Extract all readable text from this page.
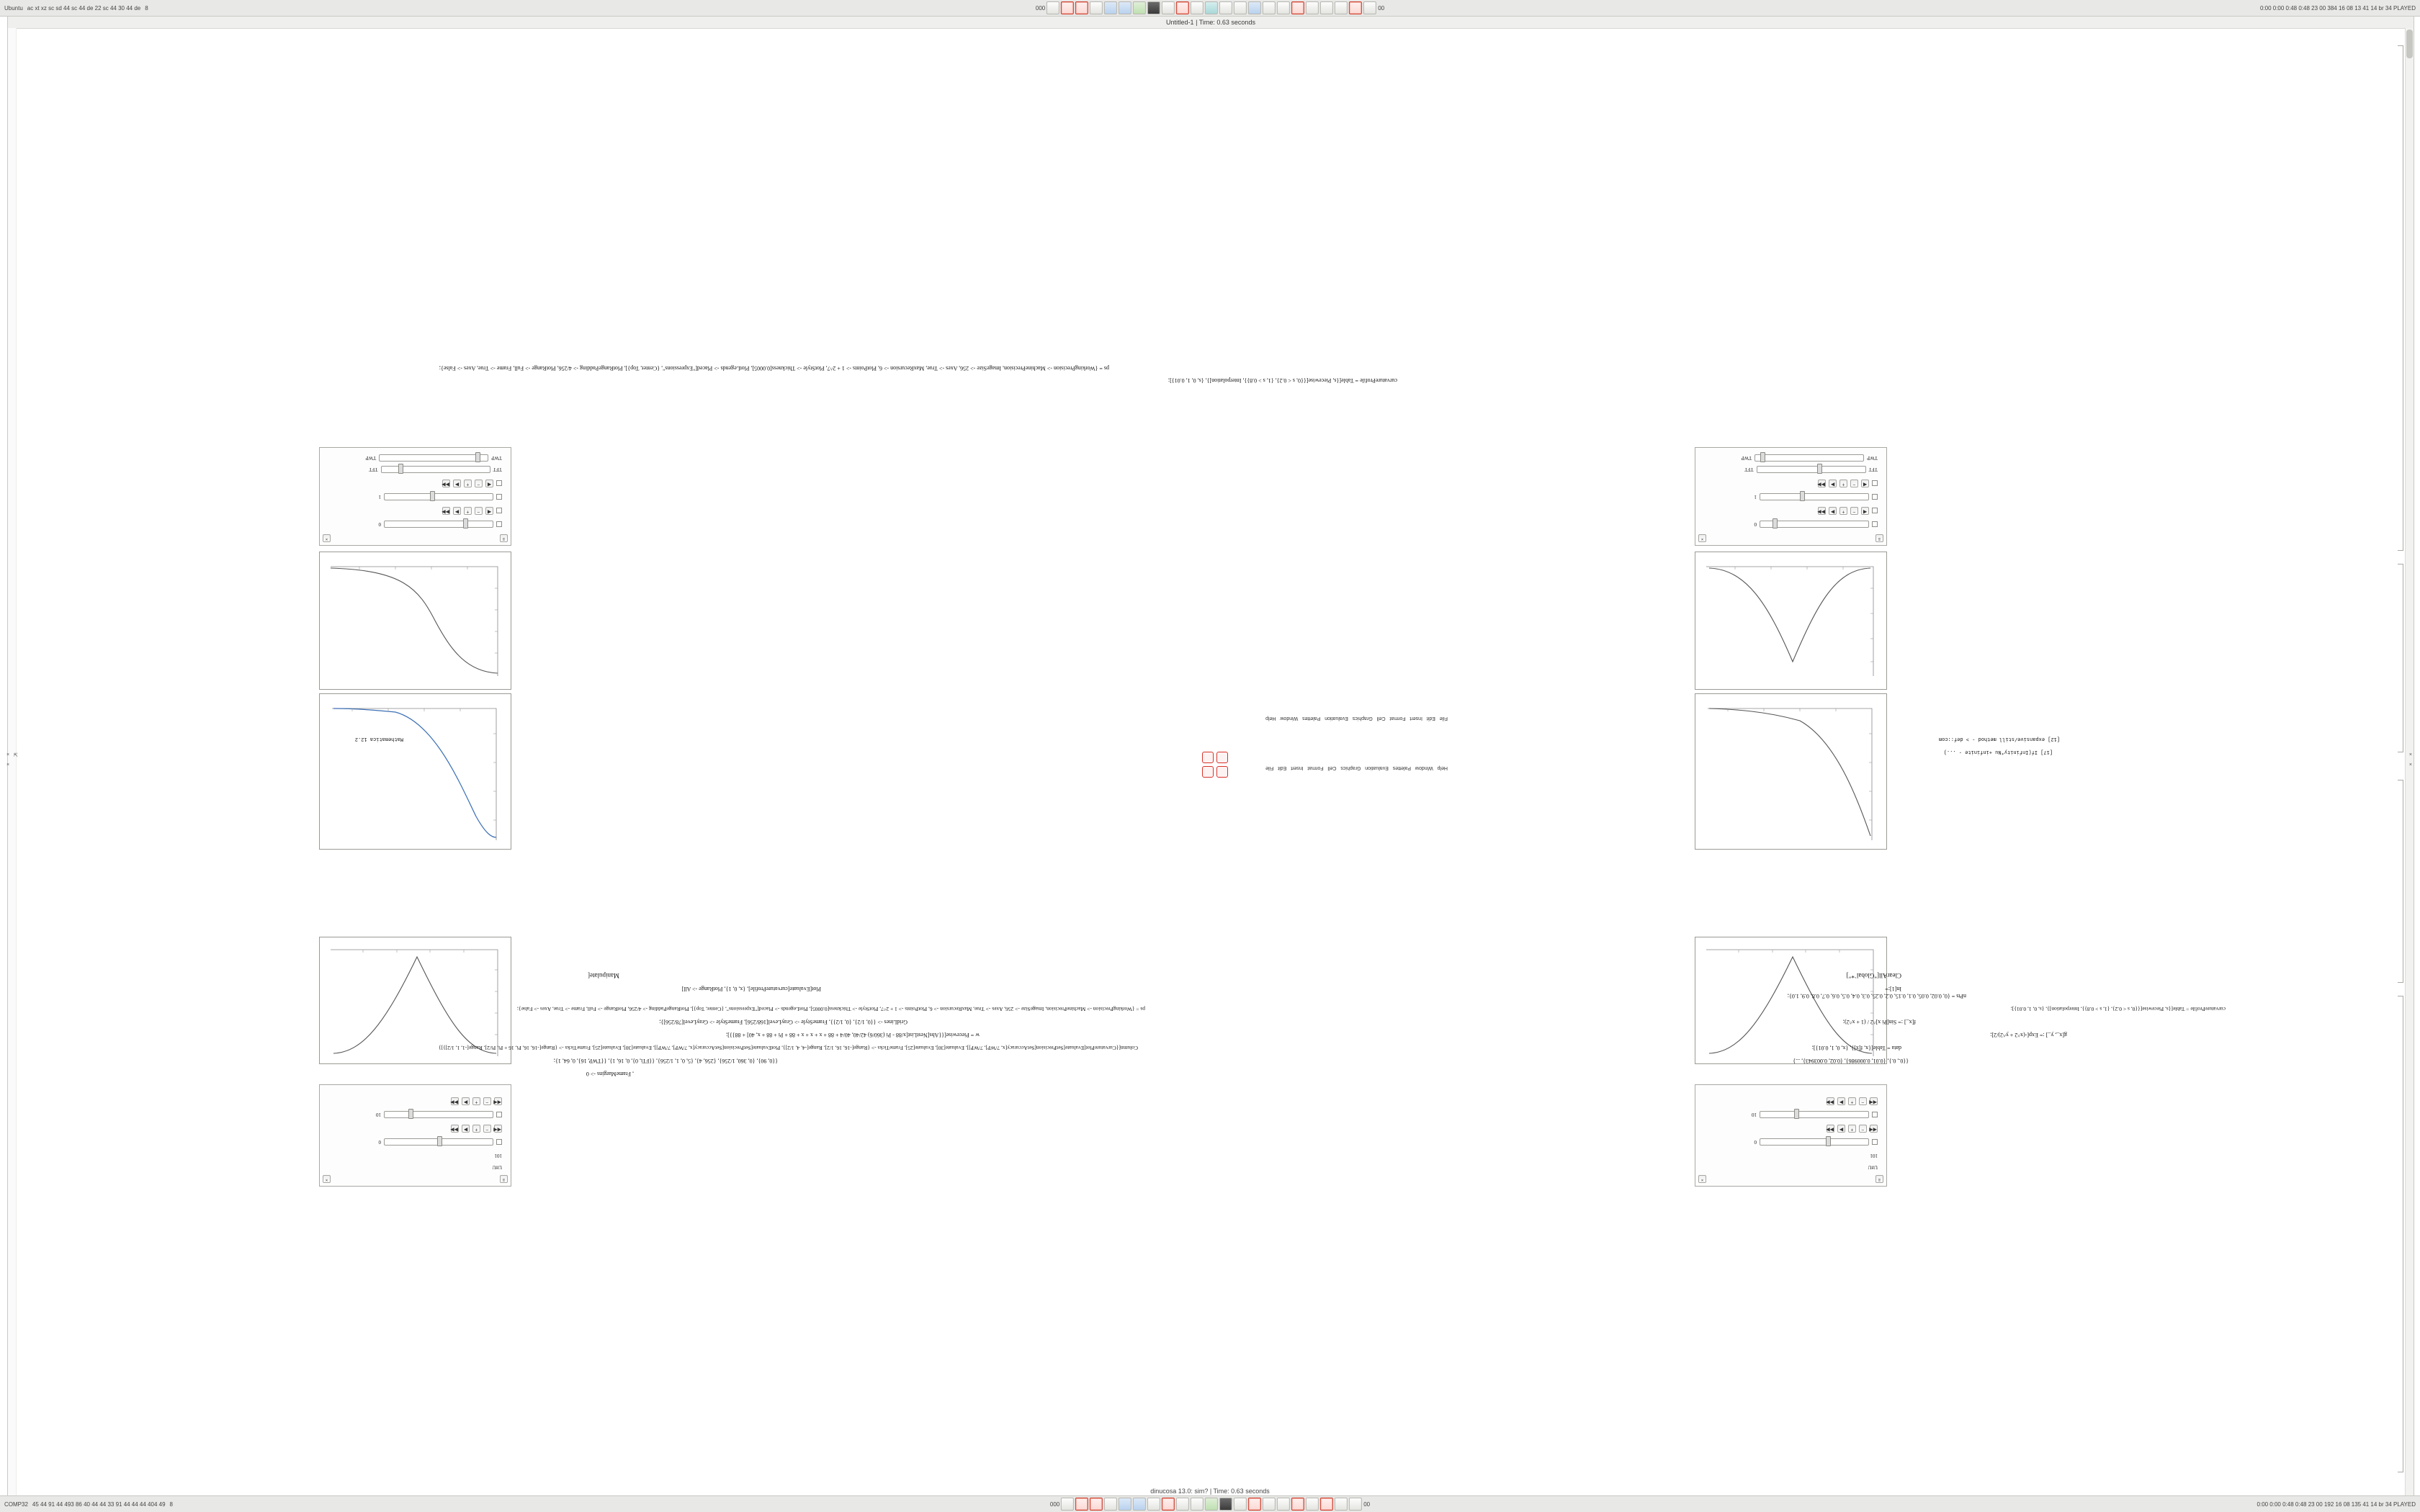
Ubuntu ac xt xz sc sd 44 sc 44 de 22 sc 44 30 44 de 8	000	00	0:00 0:00 0:48 0:48 23 00 384 16 08 13 41 14 br 34 PLAYED
Untitled-1 | Time: 0.63 seconds
≡
×
0
◀
−
+
▶
▶▶
1
◀
−
+
▶
▶▶
TFT
TFT
TWP
TWP
≡
×
0
◀
−
+
▶
▶▶
1
◀
−
+
▶
▶▶
TFT
TFT
TWP
TWP
≡
×
U#U
101
0
◀◀
−
+
▶
▶▶
10
◀◀
−
+
▶
▶▶
≡
×
U#U
101
0
◀◀
−
+
▶
▶▶
10
◀◀
−
+
▶
▶▶
ClearAll["Global`*"]
In[1]:=
nPts = {0, 0.02, 0.05, 0.1, 0.15, 0.2, 0.25, 0.3, 0.4, 0.5, 0.6, 0.7, 0.8, 0.9, 1.0};
curvatureProfile = Table[{s, Piecewise[{{0, s < 0.2}, {1, s > 0.8}}, Interpolation]}, {s, 0, 1, 0.01}];
f[x_] := Sin[Pi x]^2 / (1 + x^2);
g[x_, y_] := Exp[-(x^2 + y^2)/2];
data = Table[{x, f[x]}, {x, 0, 1, 0.01}];
{{0., 0.}, {0.01, 0.000986}, {0.02, 0.003943}, ...}
Manipulate[
Plot[Evaluate[curvatureProfile], {x, 0, 1}, PlotRange -> All]
ps = {WorkingPrecision -> MachinePrecision, ImageSize -> 256, Axes -> True, MaxRecursion -> 6, PlotPoints -> 1 + 2^7, PlotStyle -> Thickness[0.0005], PlotLegends -> Placed["Expressions", {Center, Top}], PlotRangePadding -> 4/256, PlotRange -> Full, Frame -> True, Axes -> False};
GridLines -> {{0, 1/2}, {0, 1/2}}, FrameStyle -> GrayLevel[168/256], FrameStyle -> GrayLevel[78/256]};
w = Piecewise[{{Abs[NestList[x/88 - Pi (360/6) 42/40, 40/4 + 88 + x + x + x + 88 + Pi + 88 + x, 40] + 88}}];
Column[{CurvaturePlot[Evaluate[SetPrecision[SetAccuracy[x, 7/WP], 7/WP]], Evaluate[30], Evaluate[25], FrameTicks -> {Range[-16, 16, 1/2], Range[-4, 4, 1/2]}, PlotEvaluate[SetPrecision[SetAccuracy[x, 7/WP], 7/WP]], Evaluate[30], Evaluate[25], FrameTicks -> {Range[-16, 16, Pi, 16 + Pi, Pi/2], Range[-1, 1, 1/2]}]}
{{0, 90}, {0, 360, 1/256}, {256, 4}, {5, 0, 1, 1/256}, {{FTi, 0}, 0, 16, 1}, {{TWP, 16}, 0, 64, 1};
, FrameMargins -> 0
curvatureProfile = Table[{s, Piecewise[{{0, s < 0.2}, {1, s > 0.8}}, Interpolation]}, {s, 0, 1, 0.01}];
ps = {WorkingPrecision -> MachinePrecision, ImageSize -> 256, Axes -> True, MaxRecursion -> 6, PlotPoints -> 1 + 2^7, PlotStyle -> Thickness[0.0005], PlotLegends -> Placed["Expressions", {Center, Top}], PlotRangePadding -> 4/256, PlotRange -> Full, Frame -> True, Axes -> False};
Help   Window   Palettes   Evaluation   Graphics   Cell   Format   Insert   Edit   File
File   Edit   Insert   Format   Cell   Graphics   Evaluation   Palettes   Window   Help
[17] If(Infinity*Nu +infinite - ...)
[12] expansive/still method - > def::com
Mathematica 12.2
×
×
⇱	×
×
COMP32 45 44 91 44 493 86 40 44 44 33 91 44 44 44 404 49 8	000	00	0:00 0:00 0:48 0:48 23 00 192 16 08 135 41 14 br 34 PLAYED
dinucosa 13.0: sim? | Time: 0.63 seconds
